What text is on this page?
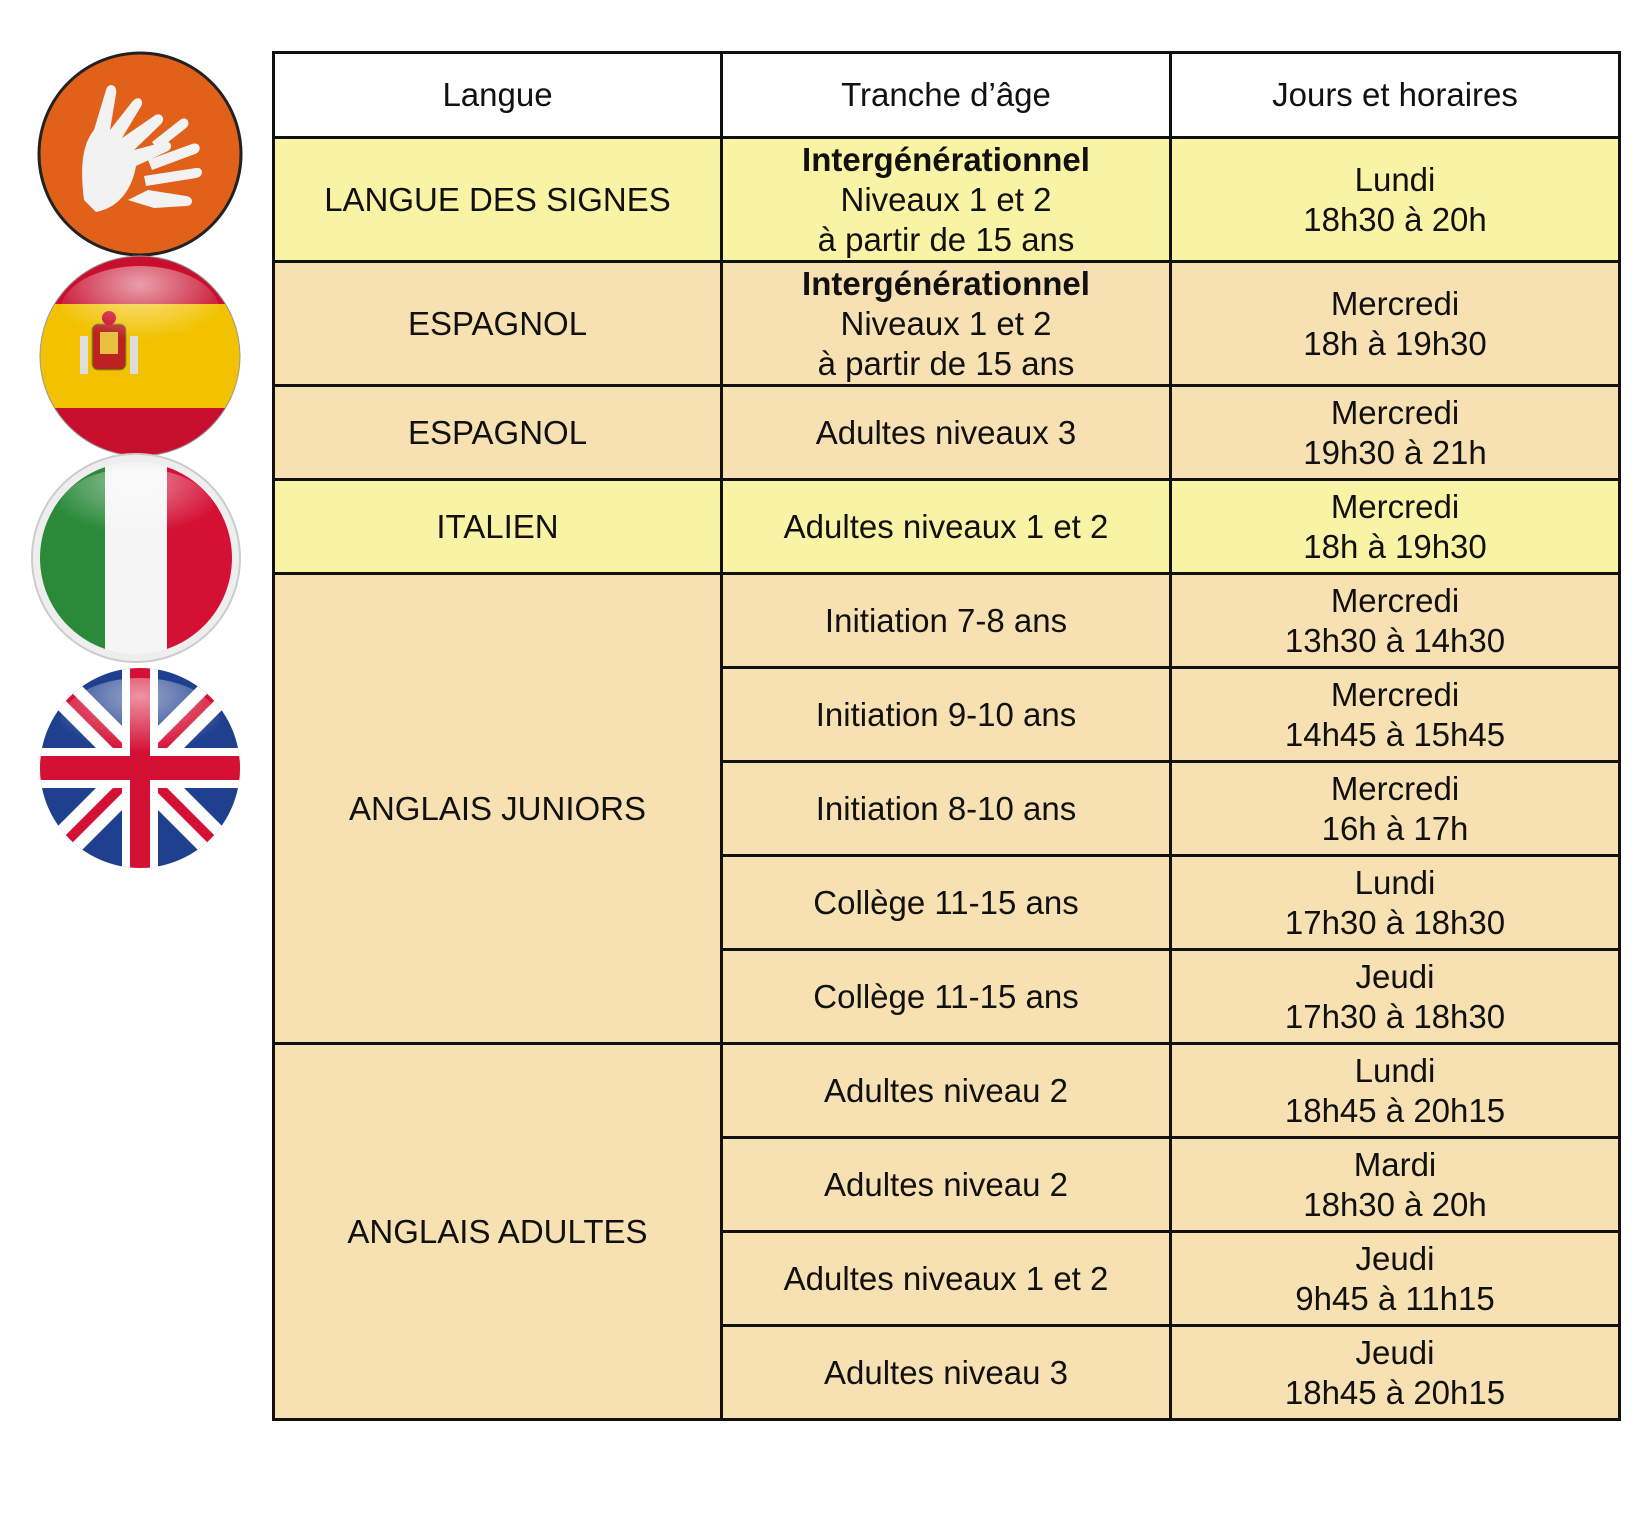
Langue	Tranche d’âge	Jours et horaires
LANGUE DES SIGNES	Intergénérationnel
Niveaux 1 et 2
à partir de 15 ans	Lundi
18h30 à 20h

ESPAGNOL	Intergénérationnel
Niveaux 1 et 2
à partir de 15 ans	Mercredi
18h à 19h30

ESPAGNOL	Adultes niveaux 3	Mercredi
19h30 à 21h

ITALIEN	Adultes niveaux 1 et 2	Mercredi
18h à 19h30

ANGLAIS JUNIORS	Initiation 7-8 ans	Mercredi
13h30 à 14h30

	Initiation 9-10 ans	Mercredi
14h45 à 15h45

	Initiation 8-10 ans	Mercredi
16h à 17h

	Collège 11-15 ans	Lundi
17h30 à 18h30

	Collège 11-15 ans	Jeudi
17h30 à 18h30

ANGLAIS ADULTES	Adultes niveau 2	Lundi
18h45 à 20h15

	Adultes niveau 2	Mardi
18h30 à 20h

	Adultes niveaux 1 et 2	Jeudi
9h45 à 11h15

	Adultes niveau 3	Jeudi
18h45 à 20h15
